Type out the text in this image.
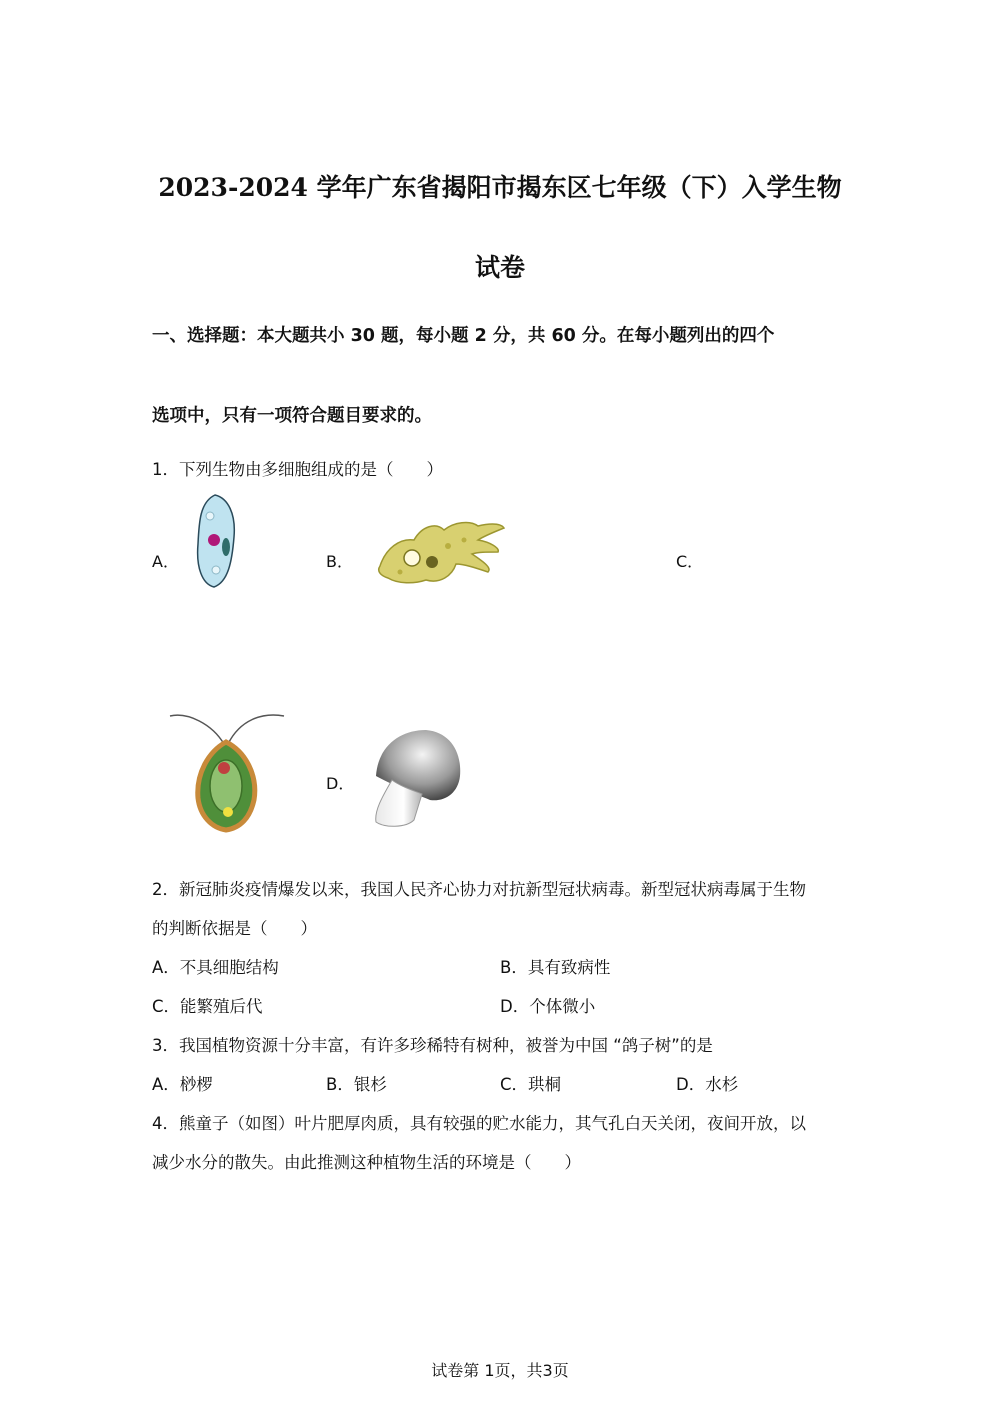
2023-2024 学年广东省揭阳市揭东区七年级（下）入学生物
试卷
一、选择题：本大题共小 30 题，每小题 2 分，共 60 分。在每小题列出的四个
选项中，只有一项符合题目要求的。
1．下列生物由多细胞组成的是（　　）
A．	B．	C．
D．
2．新冠肺炎疫情爆发以来，我国人民齐心协力对抗新型冠状病毒。新型冠状病毒属于生物
的判断依据是（　　）
A．不具细胞结构	B．具有致病性
C．能繁殖后代	D．个体微小
3．我国植物资源十分丰富，有许多珍稀特有树种，被誉为中国 “鸽子树”的是
A．桫椤	B．银杉	C．珙桐	D．水杉
4．熊童子（如图）叶片肥厚肉质，具有较强的贮水能力，其气孔白天关闭，夜间开放，以
减少水分的散失。由此推测这种植物生活的环境是（　　）
试卷第 1页，共3页
